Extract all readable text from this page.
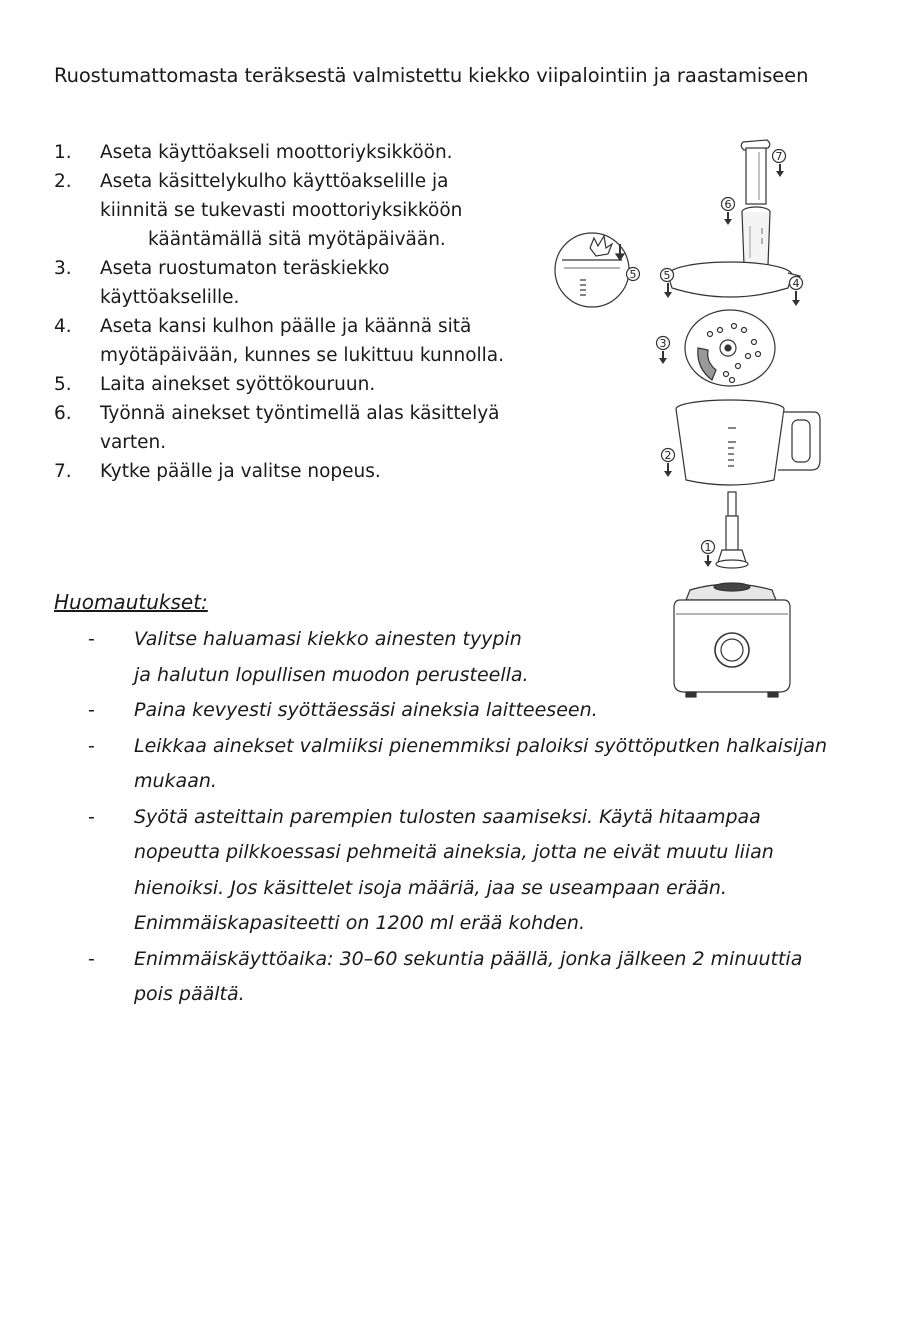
Ruostumattomasta teräksestä valmistettu kiekko viipalointiin ja raastamiseen
1. Aseta käyttöakseli moottoriyksikköön.
2. Aseta käsittelykulho käyttöakselille ja
kiinnitä se tukevasti moottoriyksikköön
kääntämällä sitä myötäpäivään.
3. Aseta ruostumaton teräskiekko
käyttöakselille.
4. Aseta kansi kulhon päälle ja käännä sitä
myötäpäivään, kunnes se lukittuu kunnolla.
5. Laita ainekset syöttökouruun.
6. Työnnä ainekset työntimellä alas käsittelyä
varten.
7. Kytke päälle ja valitse nopeus.
Huomautukset:
- Valitse haluamasi kiekko ainesten tyypin
ja halutun lopullisen muodon perusteella.
- Paina kevyesti syöttäessäsi aineksia laitteeseen.
- Leikkaa ainekset valmiiksi pienemmiksi paloiksi syöttöputken halkaisijan
mukaan.
- Syötä asteittain parempien tulosten saamiseksi. Käytä hitaampaa
nopeutta pilkkoessasi pehmeitä aineksia, jotta ne eivät muutu liian
hienoiksi. Jos käsittelet isoja määriä, jaa se useampaan erään.
Enimmäiskapasiteetti on 1200 ml erää kohden.
- Enimmäiskäyttöaika: 30–60 sekuntia päällä, jonka jälkeen 2 minuuttia
pois päältä.
7
6
5 5
4
3
2
1
